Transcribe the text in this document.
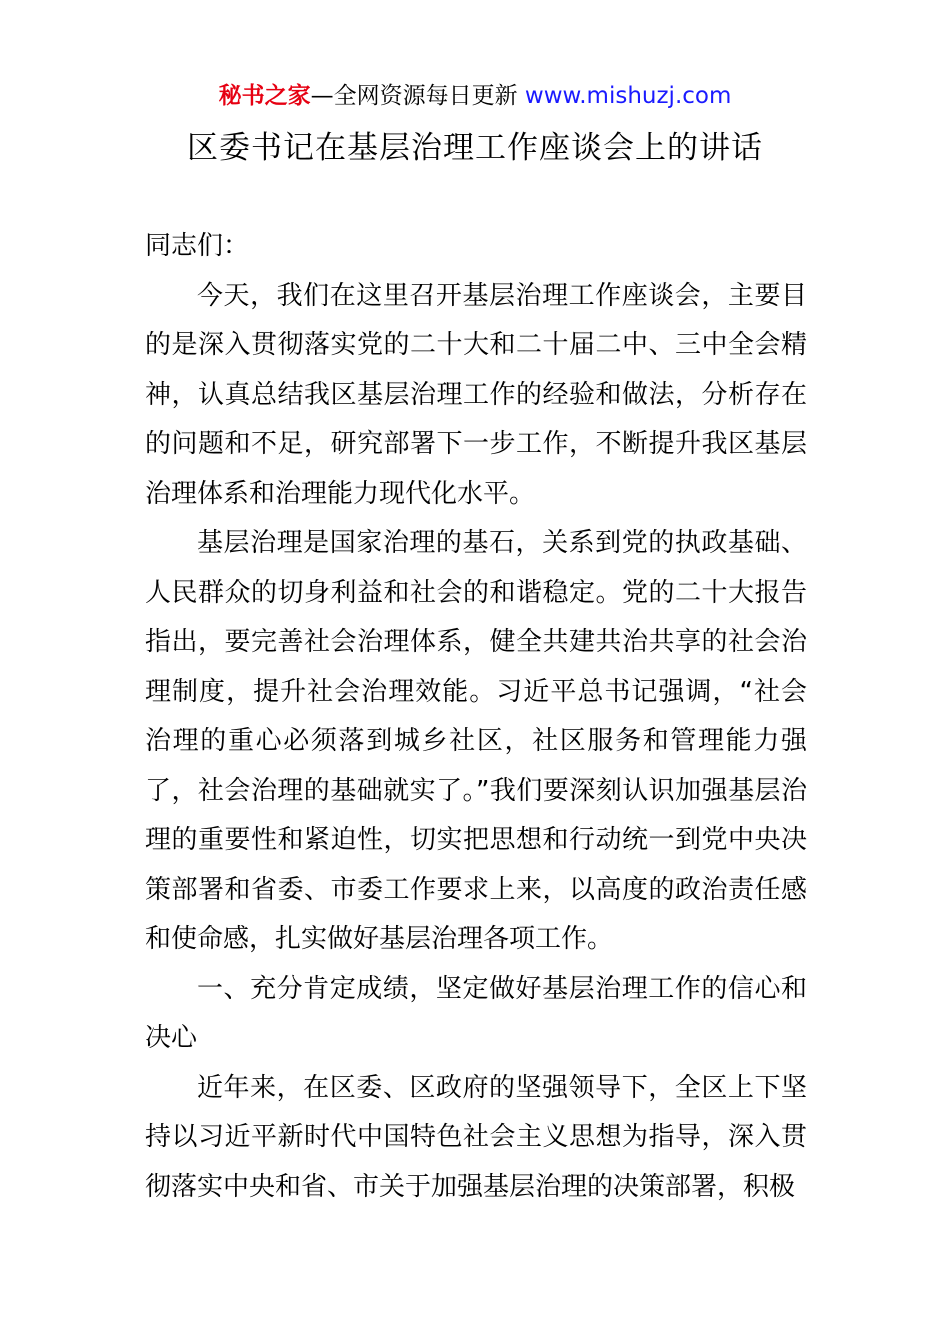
秘书之家—全网资源每日更新 www.mishuzj.com
区委书记在基层治理工作座谈会上的讲话

同志们：

今天，我们在这里召开基层治理工作座谈会，主要目的是深入贯彻落实党的二十大和二十届二中、三中全会精神，认真总结我区基层治理工作的经验和做法，分析存在的问题和不足，研究部署下一步工作，不断提升我区基层治理体系和治理能力现代化水平。

基层治理是国家治理的基石，关系到党的执政基础、人民群众的切身利益和社会的和谐稳定。党的二十大报告指出，要完善社会治理体系，健全共建共治共享的社会治理制度，提升社会治理效能。习近平总书记强调，“社会治理的重心必须落到城乡社区，社区服务和管理能力强了，社会治理的基础就实了。”我们要深刻认识加强基层治理的重要性和紧迫性，切实把思想和行动统一到党中央决策部署和省委、市委工作要求上来，以高度的政治责任感和使命感，扎实做好基层治理各项工作。

一、充分肯定成绩，坚定做好基层治理工作的信心和决心

近年来，在区委、区政府的坚强领导下，全区上下坚持以习近平新时代中国特色社会主义思想为指导，深入贯彻落实中央和省、市关于加强基层治理的决策部署，积极
